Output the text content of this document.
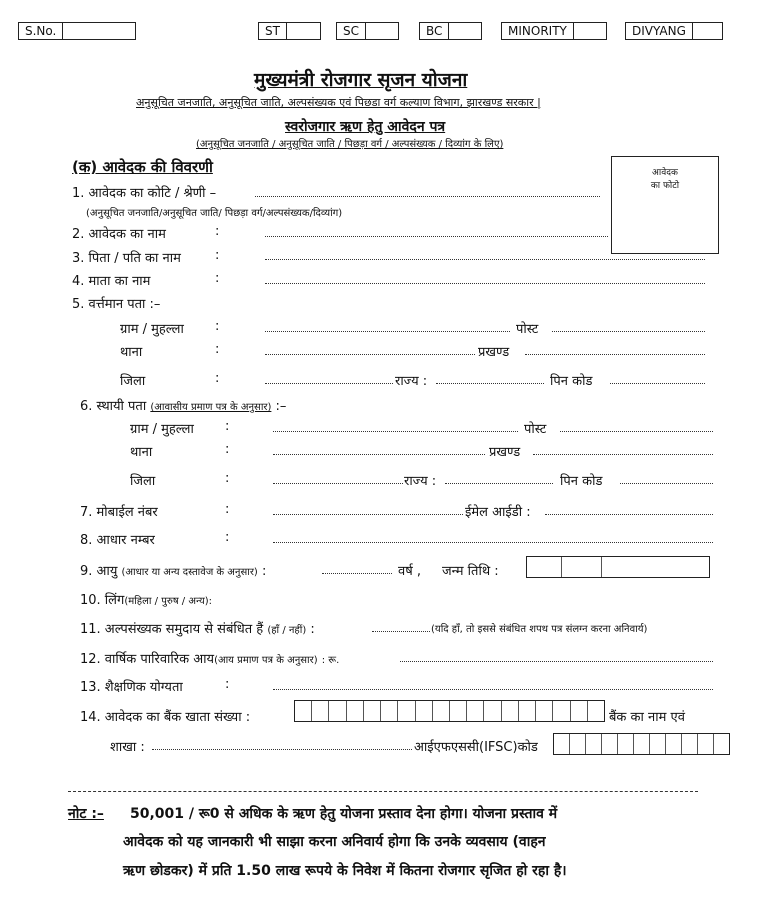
S.No.	ST	SC	BC	MINORITY	DIVYANG
मुख्यमंत्री रोजगार सृजन योजना
अनुसूचित जनजाति, अनुसूचित जाति, अल्पसंख्यक एवं पिछडा वर्ग कल्याण विभाग, झारखण्ड सरकार |
स्वरोजगार ऋण हेतु आवेदन पत्र
(अनुसूचित जनजाति / अनुसूचित जाति / पिछड़ा वर्ग / अल्पसंख्यक / दिव्यांग के लिए)
(क) आवेदक की विवरणी	आवेदक
का फोटो
1. आवेदक का कोटि / श्रेणी –
(अनुसूचित जनजाति/अनुसूचित जाति/ पिछड़ा वर्ग/अल्पसंख्यक/दिव्यांग)
2. आवेदक का नाम	:
3. पिता / पति का नाम	:
4. माता का नाम	:
5. वर्त्तमान पता :–
ग्राम / मुहल्ला :	पोस्ट
थाना	:	प्रखण्ड
जिला	:	राज्य :	पिन कोड
6. स्थायी पता (आवासीय प्रमाण पत्र के अनुसार) :–
ग्राम / मुहल्ला :	पोस्ट
थाना	:	प्रखण्ड
जिला	:	राज्य :	पिन कोड
7. मोबाईल नंबर	:	ईमेल आईडी :
8. आधार नम्बर	:
9. आयु (आधार या अन्य दस्तावेज के अनुसार) :	वर्ष , जन्म तिथि :
10. लिंग(महिला / पुरुष / अन्य):
11. अल्पसंख्यक समुदाय से संबंधित हैं (हाँ / नहीं) :	(यदि हाँ, तो इससे संबंधित शपथ पत्र संलग्न करना अनिवार्य)
12. वार्षिक पारिवारिक आय(आय प्रमाण पत्र के अनुसार) : रू.
13. शैक्षणिक योग्यता	:
14. आवेदक का बैंक खाता संख्या :	बैंक का नाम एवं
शाखा :	आईएफएससी(IFSC)कोड
नोट :– 50,001 / रू0 से अधिक के ऋण हेतु योजना प्रस्ताव देना होगा। योजना प्रस्ताव में
आवेदक को यह जानकारी भी साझा करना अनिवार्य होगा कि उनके व्यवसाय (वाहन
ऋण छोडकर) में प्रति 1.50 लाख रूपये के निवेश में कितना रोजगार सृजित हो रहा है।
